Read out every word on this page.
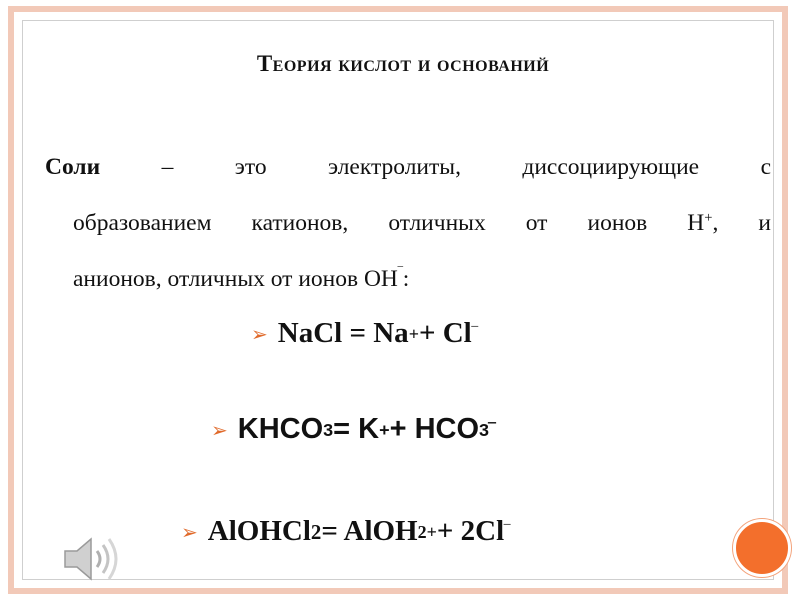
Теория кислот и оснований
Соли – это электролиты, диссоциирующие с
образованием катионов, отличных от ионов Н+, и
анионов, отличных от ионов ОН‾:
➢ NaCl = Na + + Cl ‾
➢ KHCO 3 = K + + HCO 3 ‾
➢ AlOHCl 2 = AlOH 2+ + 2Cl ‾
